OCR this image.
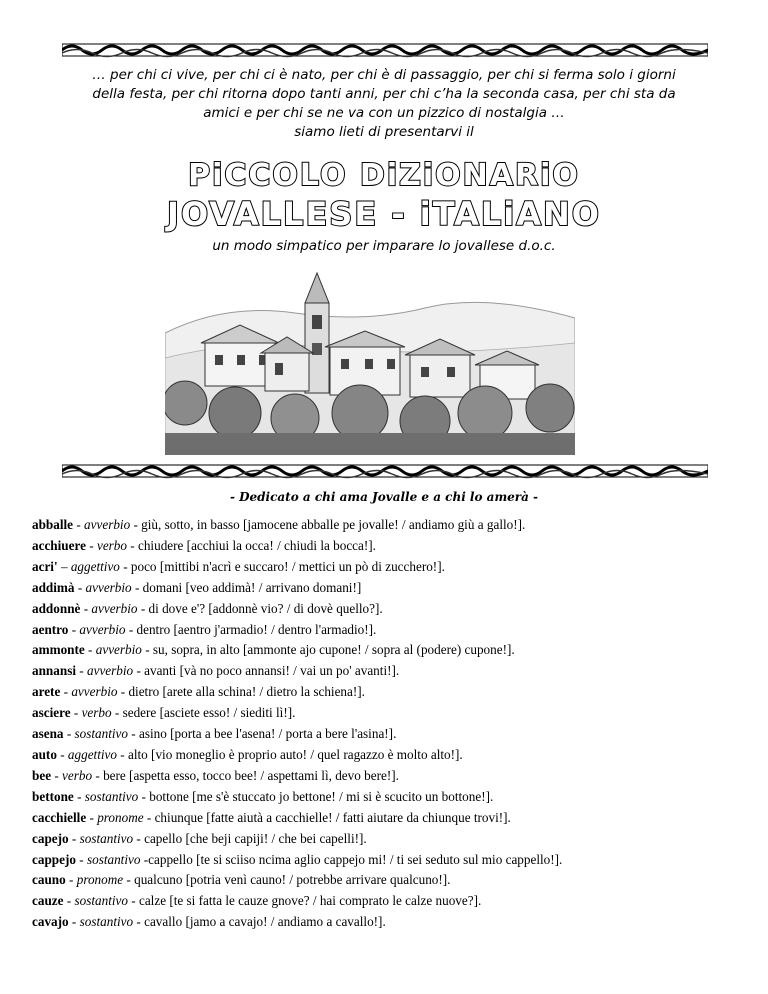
… per chi ci vive, per chi ci è nato, per chi è di passaggio, per chi si ferma solo i giorni
della festa, per chi ritorna dopo tanti anni, per chi c’ha la seconda casa, per chi sta da
amici e per chi se ne va con un pizzico di nostalgia …
siamo lieti di presentarvi il
PiCCOLO DiZiONARiO
JOVALLESE - iTALiANO
un modo simpatico per imparare lo jovallese d.o.c.
- Dedicato a chi ama Jovalle e a chi lo amerà -
abballe - avverbio - giù, sotto, in basso [jamocene abballe pe jovalle! / andiamo giù a gallo!].
acchiuere - verbo - chiudere [acchiui la occa! / chiudi la bocca!].
acri' – aggettivo - poco [mittibi n'acrì e succaro! / mettici un pò di zucchero!].
addimà - avverbio - domani [veo addimà! / arrivano domani!]
addonnè - avverbio - di dove e'? [addonnè vio? / di dovè quello?].
aentro - avverbio - dentro [aentro j'armadio! / dentro l'armadio!].
ammonte - avverbio - su, sopra, in alto [ammonte ajo cupone! / sopra al (podere) cupone!].
annansi - avverbio - avanti [và no poco annansi! / vai un po' avanti!].
arete - avverbio - dietro [arete alla schina! / dietro la schiena!].
asciere - verbo - sedere [asciete esso! / siediti lì!].
asena - sostantivo - asino [porta a bee l'asena! / porta a bere l'asina!].
auto - aggettivo - alto [vio moneglio è proprio auto! / quel ragazzo è molto alto!].
bee - verbo - bere [aspetta esso, tocco bee! / aspettami lì, devo bere!].
bettone - sostantivo - bottone [me s'è stuccato jo bettone! / mi si è scucito un bottone!].
cacchielle - pronome - chiunque [fatte aiutà a cacchielle! / fatti aiutare da chiunque trovi!].
capejo - sostantivo - capello [che beji capiji! / che bei capelli!].
cappejo - sostantivo -cappello [te si sciiso ncima aglio cappejo mi! / ti sei seduto sul mio cappello!].
cauno - pronome - qualcuno [potria venì cauno! / potrebbe arrivare qualcuno!].
cauze - sostantivo - calze [te si fatta le cauze gnove? / hai comprato le calze nuove?].
cavajo - sostantivo - cavallo [jamo a cavajo! / andiamo a cavallo!].
